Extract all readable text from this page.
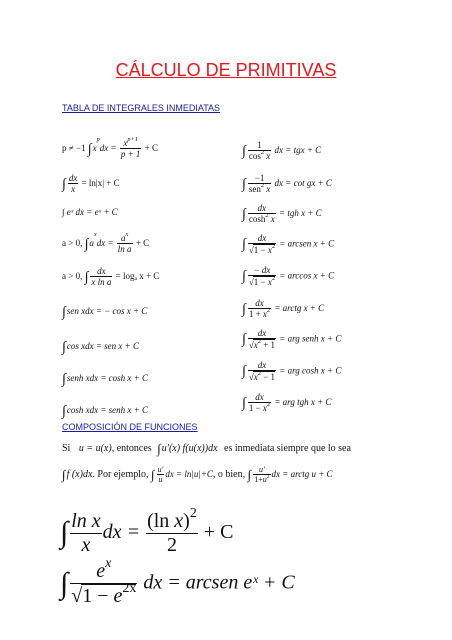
CÁLCULO DE PRIMITIVAS
TABLA DE INTEGRALES INMEDIATAS
p ≠ −1 $\int x^pdx = \frac{x^{p+1}}{p + 1} + C$
∫ $\frac{dx}{x} = \ln|x| + C$
∫ eˣ dx = eˣ + C
a > 0, $\int a^xdx = \frac{a^x}{\text{ln a}} + C$
a > 0, ∫ $\frac{dx}{\text{x ln a}} = \log_a$ x + C
∫sen xdx = − cos x + C
∫cos xdx = sen x + C
∫senh xdx = cosh x + C
∫cosh xdx = senh x + C
∫ $\frac{1}{\cos^2 x}$ dx = tgx + C
∫ $\frac{-1}{sen^2 x}$ dx = cot gx + C
∫ $\frac{dx}{\cosh^2 x}$ = tgh x + C
∫ $\frac{dx}{√1 - x^2}$ = arcsen x + C
∫ $\frac{- dx}{√1 - x^2} = \arccos x + C$
∫ $\frac{dx}{1 + x^2}$ = arctg x + C
∫ $\frac{dx}{√x^2 + 1}$ = arg senh x + C
∫ $\frac{dx}{√x^2 - 1}$ = arg cosh x + C
∫ $\frac{dx}{1 - x^2}$ = arg tgh x + C
COMPOSICIÓN DE FUNCIONES
Si u = u(x), entonces ∫u′(x) f(u(x))dx es inmediata siempre que lo sea
∫f (x)dx. Por ejemplo, ∫ $\frac{u'}{u}$ dx = ln|u|+C, o bien, ∫ $\frac{u'}{1+u^2}$ dx = arctg u + C
∫ $\frac{\text{ln x}}{x}$ dx = $\frac{(\ln x)^2}{2} + C$
∫ $\frac{e^x}{√1 - e^{2x}}$ dx = arcsen eˣ + C
